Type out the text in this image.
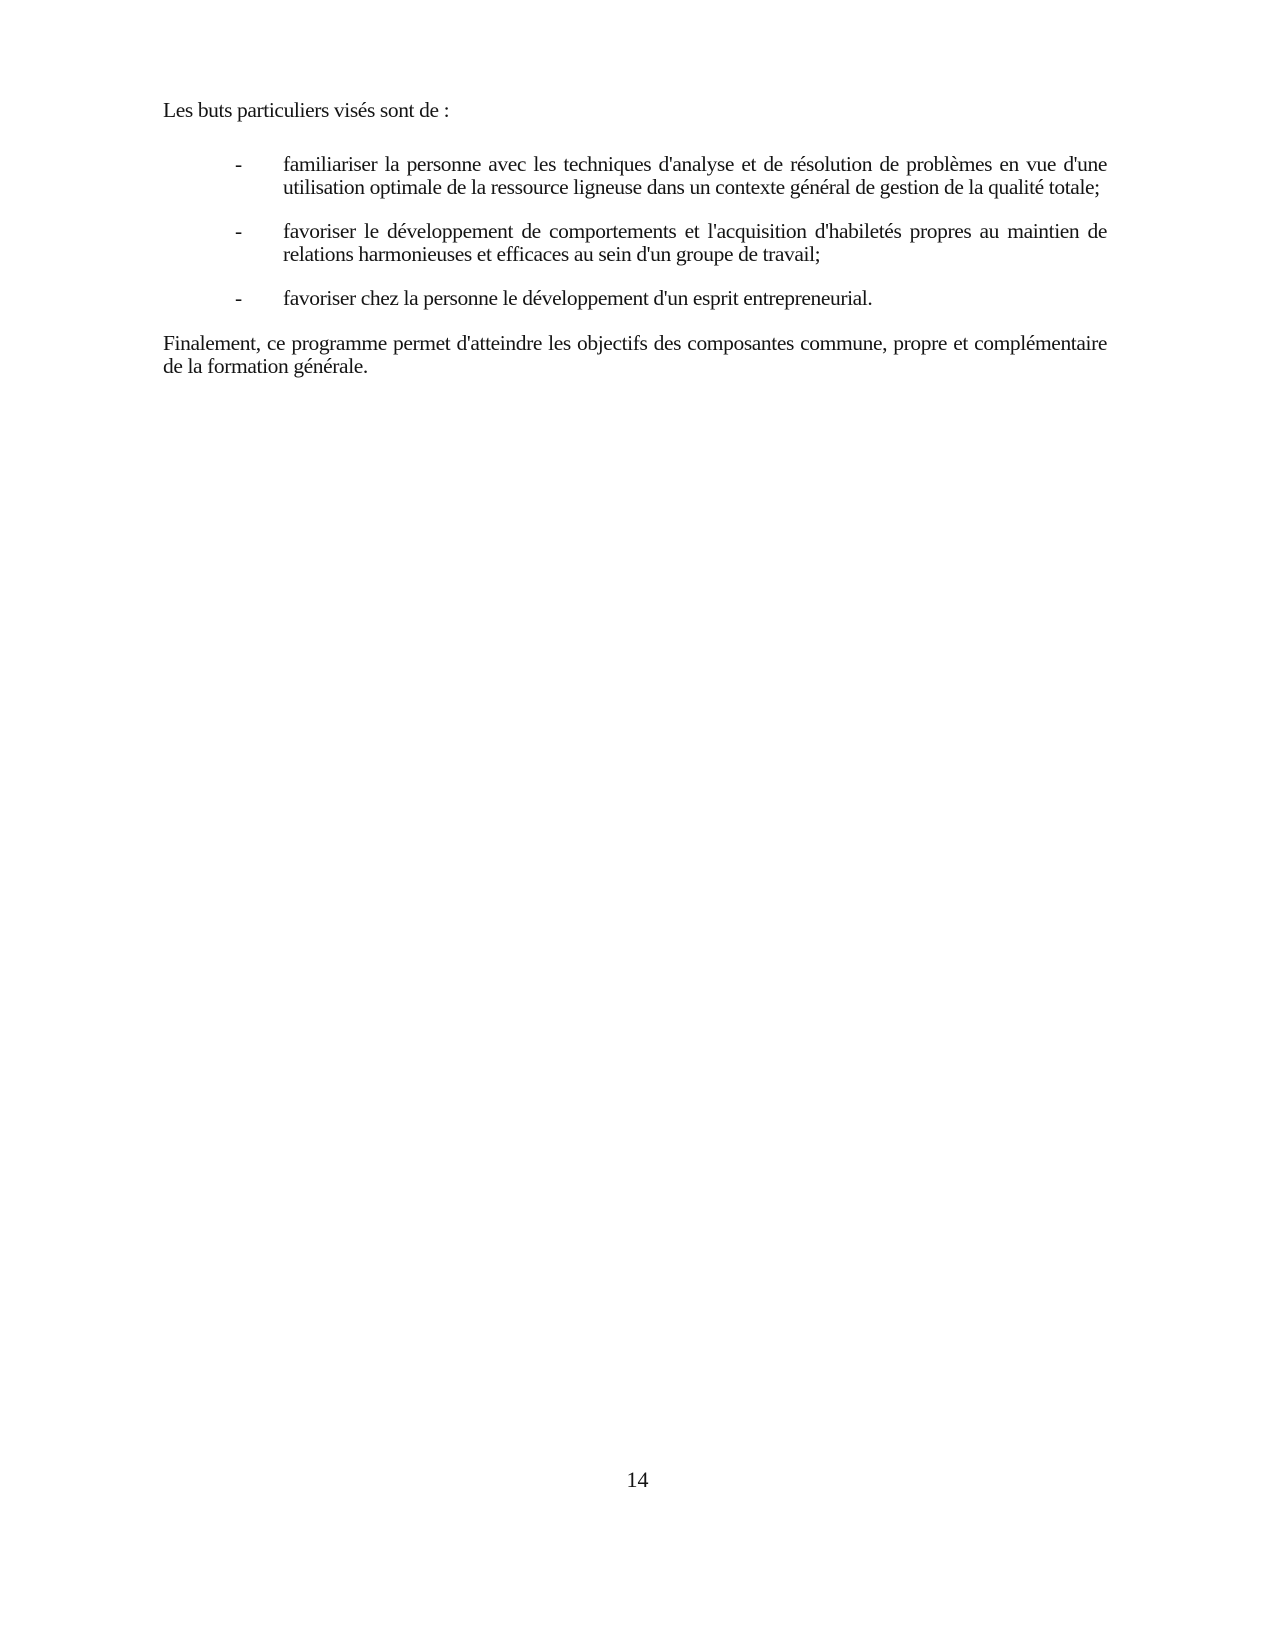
Les buts particuliers visés sont de :

- familiariser la personne avec les techniques d'analyse et de résolution de problèmes en vue d'une utilisation optimale de la ressource ligneuse dans un contexte général de gestion de la qualité totale;
- favoriser le développement de comportements et l'acquisition d'habiletés propres au maintien de relations harmonieuses et efficaces au sein d'un groupe de travail;
- favoriser chez la personne le développement d'un esprit entrepreneurial.

Finalement, ce programme permet d'atteindre les objectifs des composantes commune, propre et complémentaire de la formation générale.

14
